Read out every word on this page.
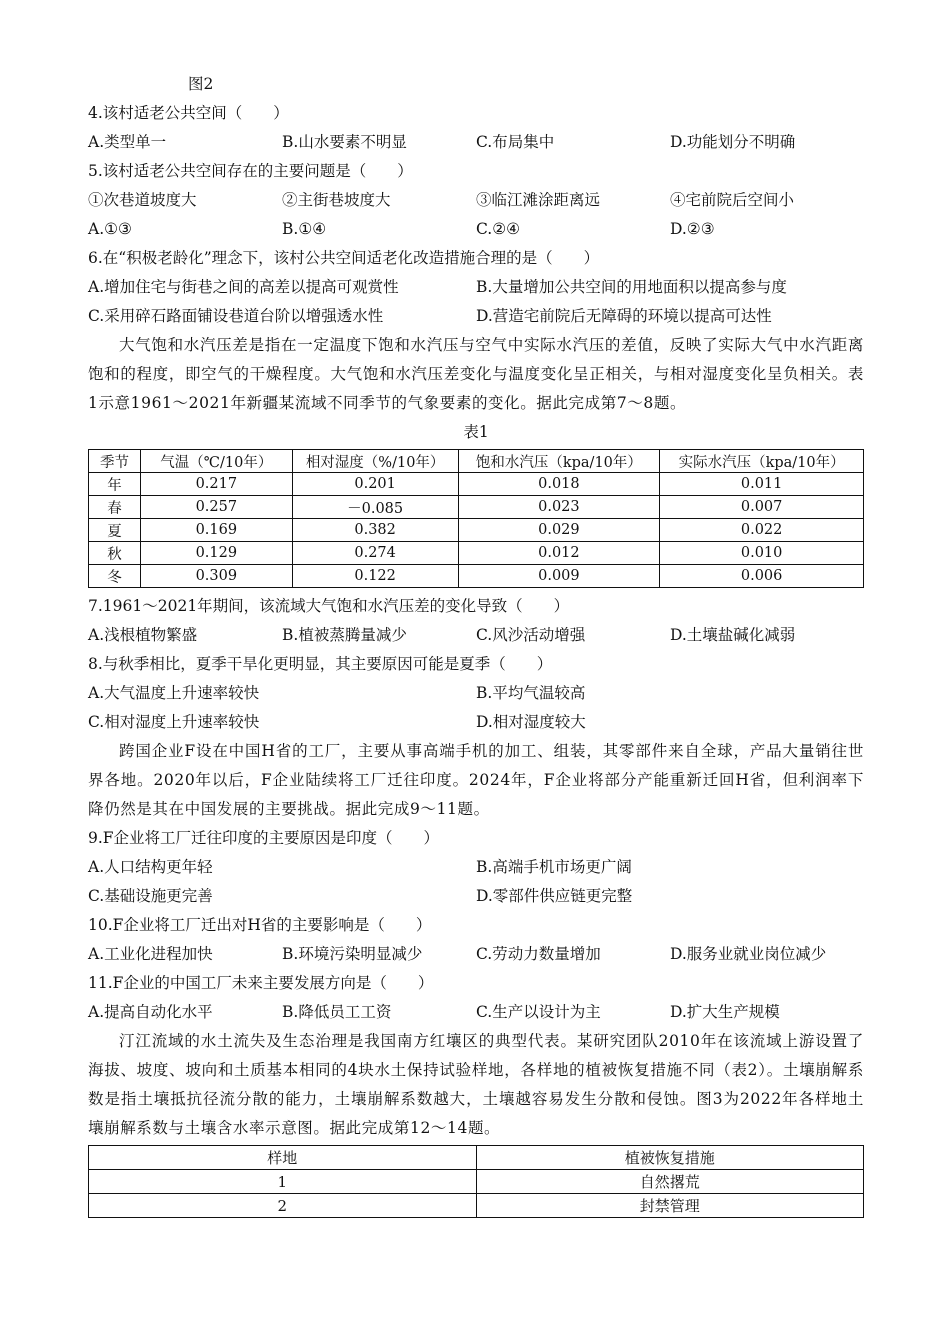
图2
4.该村适老公共空间（　　）
A.类型单一	B.山水要素不明显	C.布局集中	D.功能划分不明确
5.该村适老公共空间存在的主要问题是（　　）
①次巷道坡度大	②主街巷坡度大	③临江滩涂距离远	④宅前院后空间小
A.①③	B.①④	C.②④	D.②③
6.在“积极老龄化”理念下，该村公共空间适老化改造措施合理的是（　　）
A.增加住宅与街巷之间的高差以提高可观赏性	B.大量增加公共空间的用地面积以提高参与度
C.采用碎石路面铺设巷道台阶以增强透水性	D.营造宅前院后无障碍的环境以提高可达性
大气饱和水汽压差是指在一定温度下饱和水汽压与空气中实际水汽压的差值，反映了实际大气中水汽距离饱和的程度，即空气的干燥程度。大气饱和水汽压差变化与温度变化呈正相关，与相对湿度变化呈负相关。表1示意1961～2021年新疆某流域不同季节的气象要素的变化。据此完成第7～8题。
表1
季节	气温（℃/10年）	相对湿度（%/10年）	饱和水汽压（kpa/10年）	实际水汽压（kpa/10年）
年	0.217	0.201	0.018	0.011
春	0.257	－0.085	0.023	0.007
夏	0.169	0.382	0.029	0.022
秋	0.129	0.274	0.012	0.010
冬	0.309	0.122	0.009	0.006
7.1961～2021年期间，该流域大气饱和水汽压差的变化导致（　　）
A.浅根植物繁盛	B.植被蒸腾量减少	C.风沙活动增强	D.土壤盐碱化减弱
8.与秋季相比，夏季干旱化更明显，其主要原因可能是夏季（　　）
A.大气温度上升速率较快	B.平均气温较高
C.相对湿度上升速率较快	D.相对湿度较大
跨国企业F设在中国H省的工厂，主要从事高端手机的加工、组装，其零部件来自全球，产品大量销往世界各地。2020年以后，F企业陆续将工厂迁往印度。2024年，F企业将部分产能重新迁回H省，但利润率下降仍然是其在中国发展的主要挑战。据此完成9～11题。
9.F企业将工厂迁往印度的主要原因是印度（　　）
A.人口结构更年轻	B.高端手机市场更广阔
C.基础设施更完善	D.零部件供应链更完整
10.F企业将工厂迁出对H省的主要影响是（　　）
A.工业化进程加快	B.环境污染明显减少	C.劳动力数量增加	D.服务业就业岗位减少
11.F企业的中国工厂未来主要发展方向是（　　）
A.提高自动化水平	B.降低员工工资	C.生产以设计为主	D.扩大生产规模
汀江流域的水土流失及生态治理是我国南方红壤区的典型代表。某研究团队2010年在该流域上游设置了海拔、坡度、坡向和土质基本相同的4块水土保持试验样地，各样地的植被恢复措施不同（表2）。土壤崩解系数是指土壤抵抗径流分散的能力，土壤崩解系数越大，土壤越容易发生分散和侵蚀。图3为2022年各样地土壤崩解系数与土壤含水率示意图。据此完成第12～14题。
样地	植被恢复措施
1	自然撂荒
2	封禁管理
